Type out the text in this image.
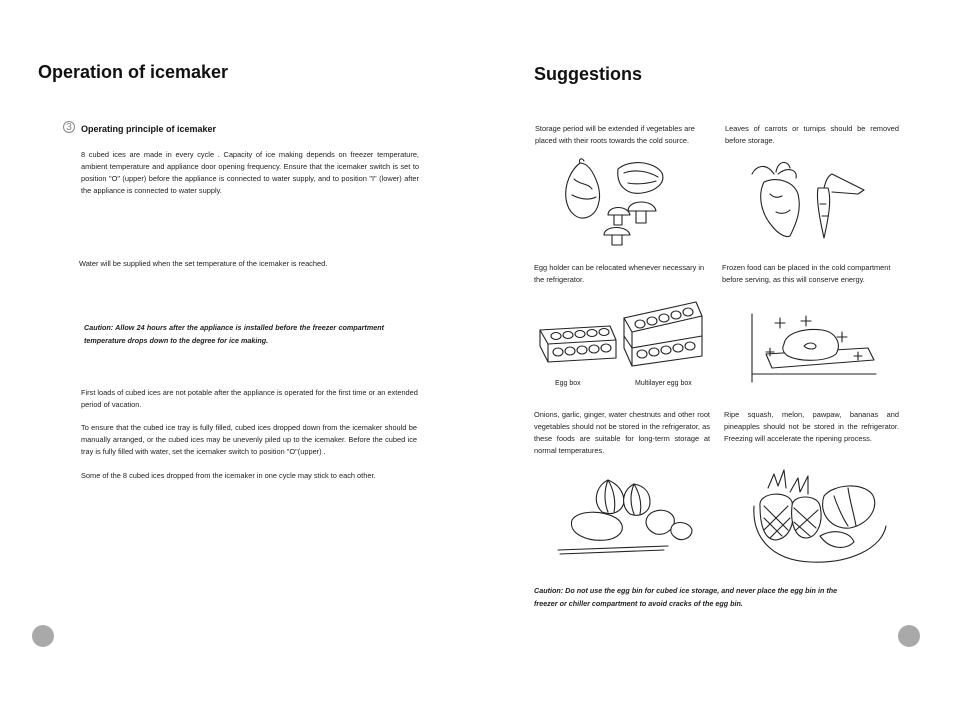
Operation of icemaker
3	Operating principle of icemaker
8 cubed ices are made in every cycle . Capacity of ice making depends on freezer temperature, ambient temperature and appliance door opening frequency. Ensure that the icemaker switch is set to position "O" (upper) before the appliance is connected to water supply, and to position "I" (lower) after the appliance is connected to water supply.
Water will be supplied when the set temperature of the icemaker is reached.
Caution: Allow 24 hours after the appliance is installed before the freezer compartment temperature drops down to the degree for ice making.
First loads of cubed ices are not potable after the appliance is operated for the first time or an extended period of vacation.
To ensure that the cubed ice tray is fully filled, cubed ices dropped down from the icemaker should be manually arranged, or the cubed ices may be unevenly piled up to the icemaker. Before the cubed ice tray is fully filled with water, set the icemaker switch to position "O"(upper) .
Some of the 8 cubed ices dropped from the icemaker in one cycle may stick to each other.
Suggestions
Storage period will be extended if vegetables are placed with their roots towards the cold source.
Leaves of carrots or turnips should be removed before storage.
Egg holder can be relocated whenever necessary in the refrigerator.
Frozen food can be placed in the cold compartment before serving, as this will conserve energy.
Egg box	Multilayer egg box
Onions, garlic, ginger, water chestnuts and other root vegetables should not be stored in the refrigerator, as these foods are suitable for long-term storage at normal temperatures.
Ripe squash, melon, pawpaw, bananas and pineapples should not be stored in the refrigerator. Freezing will accelerate the ripening process.
Caution: Do not use the egg bin for cubed ice storage, and never place the egg bin in the freezer or chiller compartment to avoid cracks of the egg bin.
